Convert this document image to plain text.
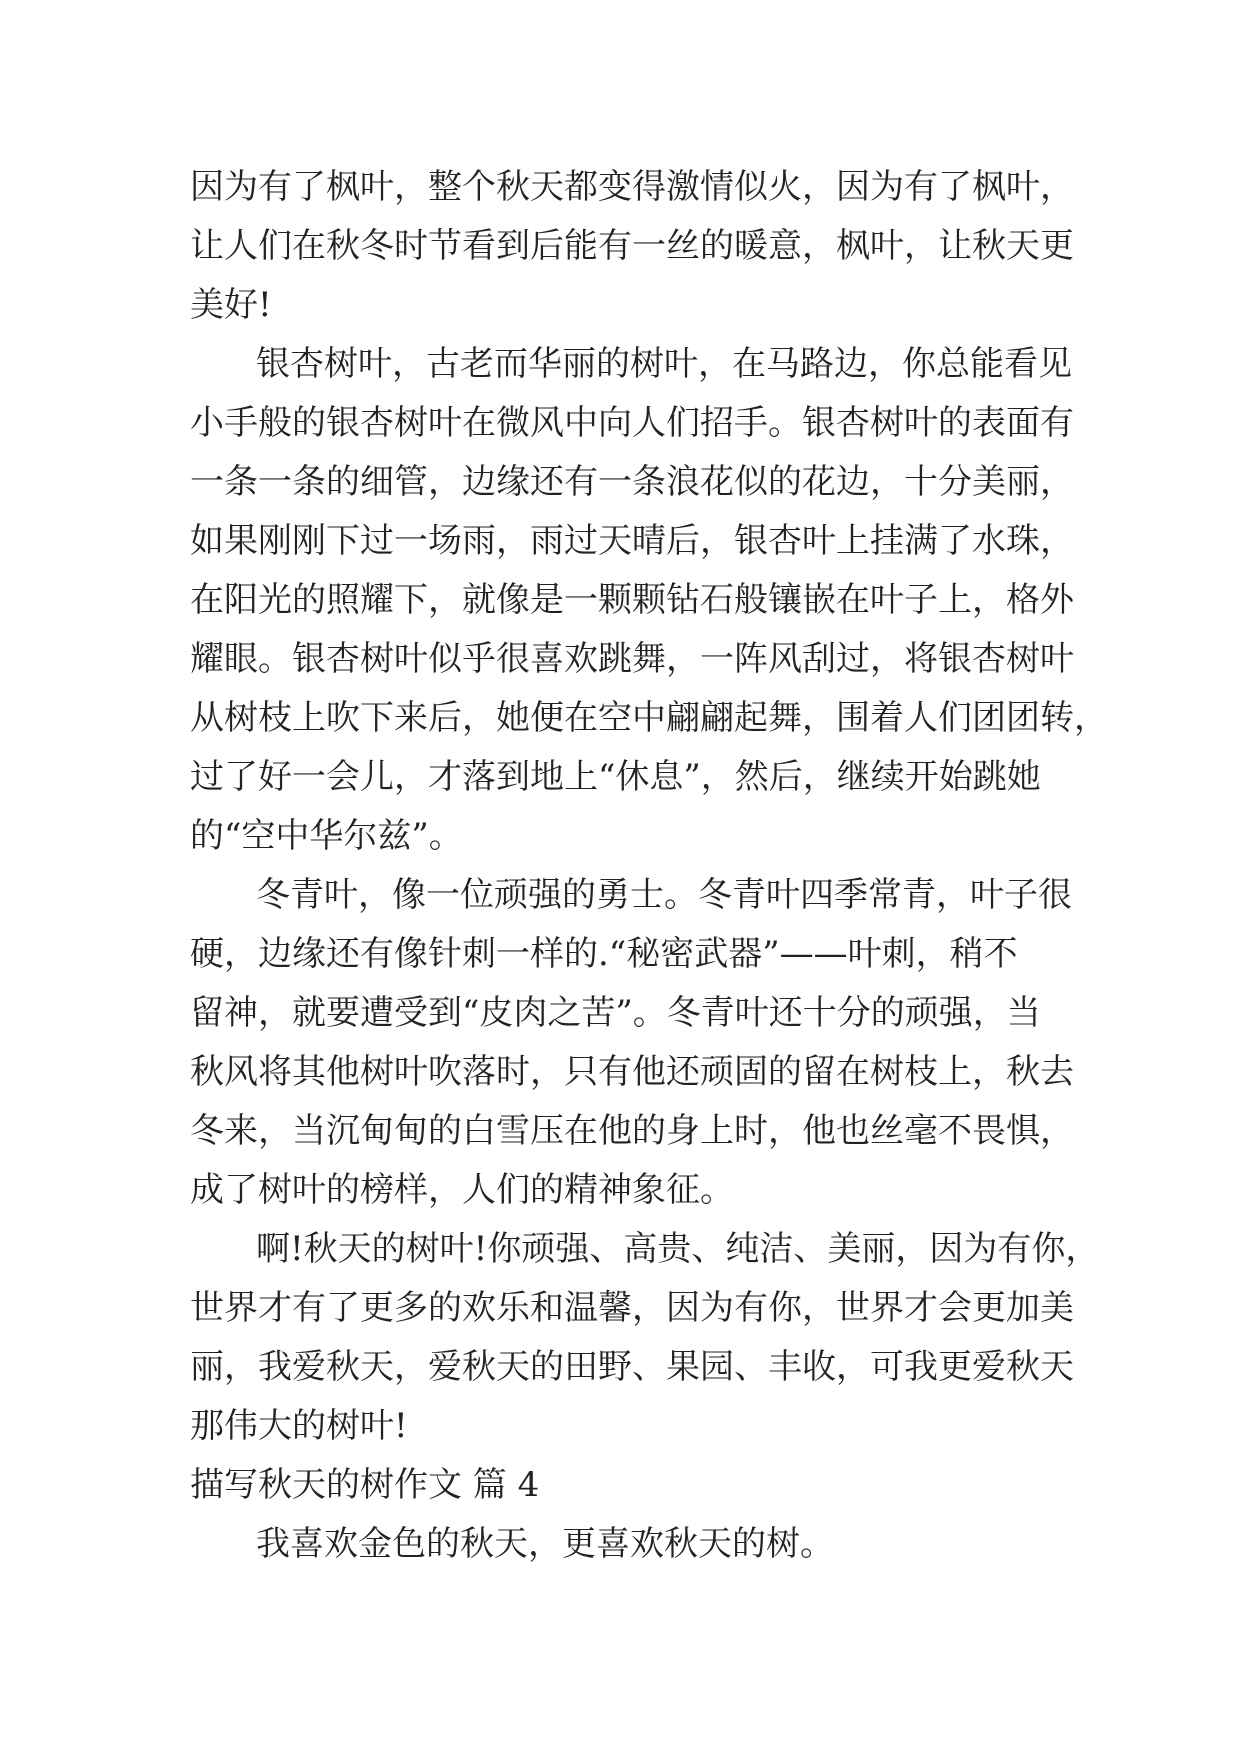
因为有了枫叶，整个秋天都变得激情似火，因为有了枫叶，
让人们在秋冬时节看到后能有一丝的暖意，枫叶，让秋天更
美好!

银杏树叶，古老而华丽的树叶，在马路边，你总能看见
小手般的银杏树叶在微风中向人们招手。银杏树叶的表面有
一条一条的细管，边缘还有一条浪花似的花边，十分美丽，
如果刚刚下过一场雨，雨过天晴后，银杏叶上挂满了水珠，
在阳光的照耀下，就像是一颗颗钻石般镶嵌在叶子上，格外
耀眼。银杏树叶似乎很喜欢跳舞，一阵风刮过，将银杏树叶
从树枝上吹下来后，她便在空中翩翩起舞，围着人们团团转，
过了好一会儿，才落到地上“休息”，然后，继续开始跳她
的“空中华尔兹”。

冬青叶，像一位顽强的勇士。冬青叶四季常青，叶子很
硬，边缘还有像针刺一样的.“秘密武器”——叶刺，稍不
留神，就要遭受到“皮肉之苦”。冬青叶还十分的顽强，当
秋风将其他树叶吹落时，只有他还顽固的留在树枝上，秋去
冬来，当沉甸甸的白雪压在他的身上时，他也丝毫不畏惧，
成了树叶的榜样，人们的精神象征。

啊!秋天的树叶!你顽强、高贵、纯洁、美丽，因为有你，
世界才有了更多的欢乐和温馨，因为有你，世界才会更加美
丽，我爱秋天，爱秋天的田野、果园、丰收，可我更爱秋天
那伟大的树叶!

描写秋天的树作文 篇 4

我喜欢金色的秋天，更喜欢秋天的树。
